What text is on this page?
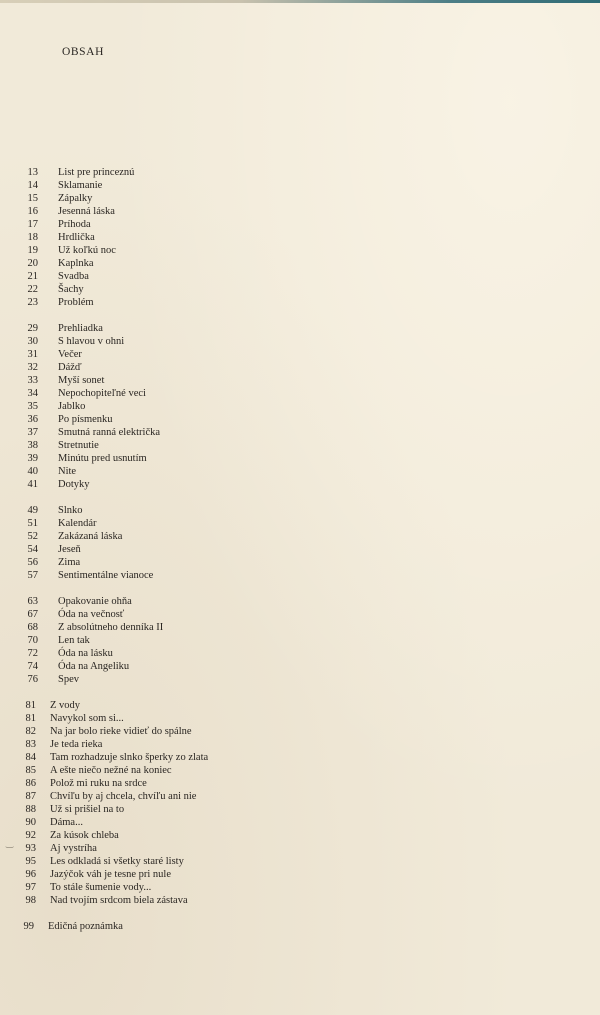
OBSAH
13 List pre princeznú
14 Sklamanie
15 Zápalky
16 Jesenná láska
17 Príhoda
18 Hrdlička
19 Už koľkú noc
20 Kaplnka
21 Svadba
22 Šachy
23 Problém
29 Prehliadka
30 S hlavou v ohni
31 Večer
32 Dážď
33 Myší sonet
34 Nepochopiteľné veci
35 Jablko
36 Po písmenku
37 Smutná ranná električka
38 Stretnutie
39 Minútu pred usnutím
40 Nite
41 Dotyky
49 Slnko
51 Kalendár
52 Zakázaná láska
54 Jeseň
56 Zima
57 Sentimentálne vianoce
63 Opakovanie ohňa
67 Óda na večnosť
68 Z absolútneho denníka II
70 Len tak
72 Óda na lásku
74 Óda na Angeliku
76 Spev
81 Z vody
81 Navykol som si...
82 Na jar bolo rieke vidieť do spálne
83 Je teda rieka
84 Tam rozhadzuje slnko šperky zo zlata
85 A ešte niečo nežné na koniec
86 Polož mi ruku na srdce
87 Chvíľu by aj chcela, chvíľu ani nie
88 Už si prišiel na to
90 Dáma...
92 Za kúsok chleba
93 Aj vystríha
95 Les odkladá si všetky staré listy
96 Jazýčok váh je tesne pri nule
97 To stále šumenie vody...
98 Nad tvojím srdcom biela zástava
99 Edičná poznámka
‿
